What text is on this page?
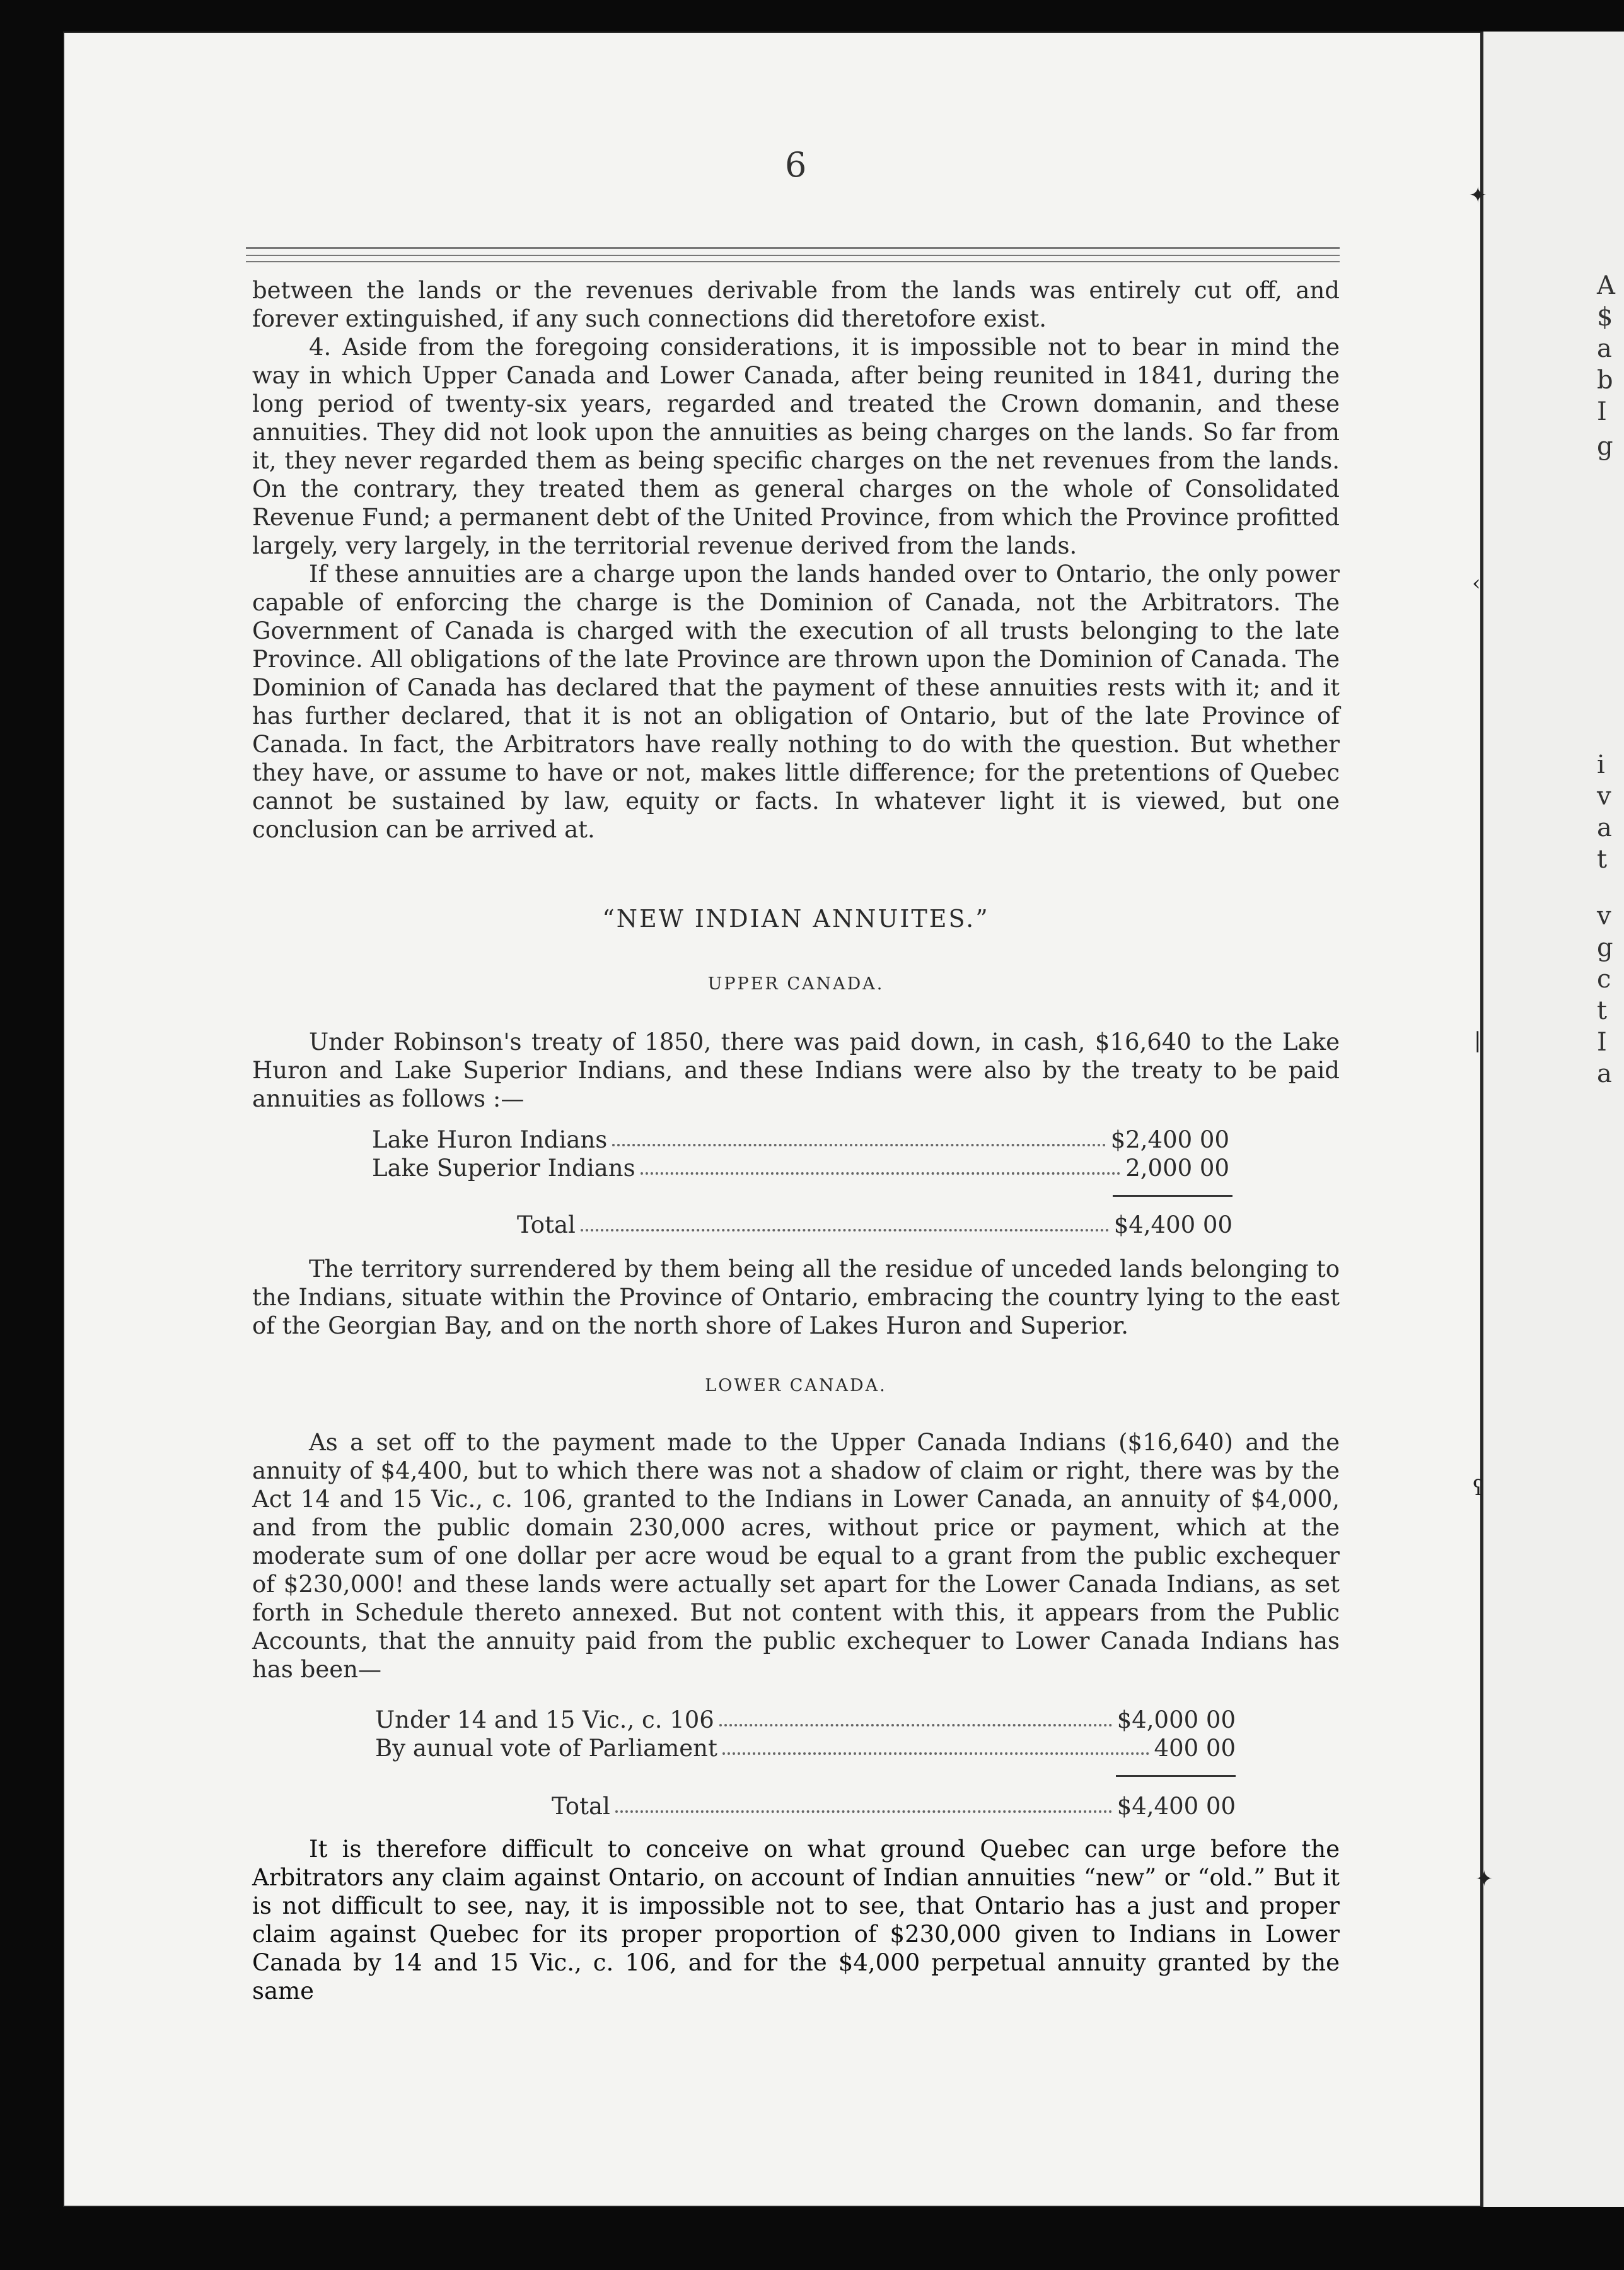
A
$
a
b
I
g
i
v
a
t
v
g
c
t
I
a
6

between the lands or the revenues derivable from the lands was entirely cut off, and forever extinguished, if any such connections did theretofore exist.

4. Aside from the foregoing considerations, it is impossible not to bear in mind the way in which Upper Canada and Lower Canada, after being reunited in 1841, during the long period of twenty-six years, regarded and treated the Crown domanin, and these annuities. They did not look upon the annuities as being charges on the lands. So far from it, they never regarded them as being specific charges on the net revenues from the lands. On the contrary, they treated them as general charges on the whole of Consolidated Revenue Fund; a permanent debt of the United Province, from which the Province profitted largely, very largely, in the territorial revenue derived from the lands.

If these annuities are a charge upon the lands handed over to Ontario, the only power capable of enforcing the charge is the Dominion of Canada, not the Arbitrators. The Government of Canada is charged with the execution of all trusts belonging to the late Province. All obligations of the late Province are thrown upon the Dominion of Canada. The Dominion of Canada has declared that the payment of these annuities rests with it; and it has further declared, that it is not an obligation of Ontario, but of the late Province of Canada. In fact, the Arbitrators have really nothing to do with the question. But whether they have, or assume to have or not, makes little difference; for the pretentions of Quebec cannot be sustained by law, equity or facts. In whatever light it is viewed, but one conclusion can be arrived at.

“NEW INDIAN ANNUITES.”
UPPER CANADA.

Under Robinson's treaty of 1850, there was paid down, in cash, $16,640 to the Lake Huron and Lake Superior Indians, and these Indians were also by the treaty to be paid annuities as follows :—

Lake Huron Indians	$2,400 00
Lake Superior Indians	2,000 00
Total	$4,400 00

The territory surrendered by them being all the residue of unceded lands belonging to the Indians, situate within the Province of Ontario, embracing the country lying to the east of the Georgian Bay, and on the north shore of Lakes Huron and Superior.

LOWER CANADA.

As a set off to the payment made to the Upper Canada Indians ($16,640) and the annuity of $4,400, but to which there was not a shadow of claim or right, there was by the Act 14 and 15 Vic., c. 106, granted to the Indians in Lower Canada, an annuity of $4,000, and from the public domain 230,000 acres, without price or payment, which at the moderate sum of one dollar per acre woud be equal to a grant from the public exchequer of $230,000! and these lands were actually set apart for the Lower Canada Indians, as set forth in Schedule thereto annexed. But not content with this, it appears from the Public Accounts, that the annuity paid from the public exchequer to Lower Canada Indians has has been—

Under 14 and 15 Vic., c. 106	$4,000 00
By aunual vote of Parliament	400 00
Total	$4,400 00

It is therefore difficult to conceive on what ground Quebec can urge before the Arbitrators any claim against Ontario, on account of Indian annuities “new” or “old.” But it is not difficult to see, nay, it is impossible not to see, that Ontario has a just and proper claim against Quebec for its proper proportion of $230,000 given to Indians in Lower Canada by 14 and 15 Vic., c. 106, and for the $4,000 perpetual annuity granted by the same

✦
‹
|
ʕ
✦
